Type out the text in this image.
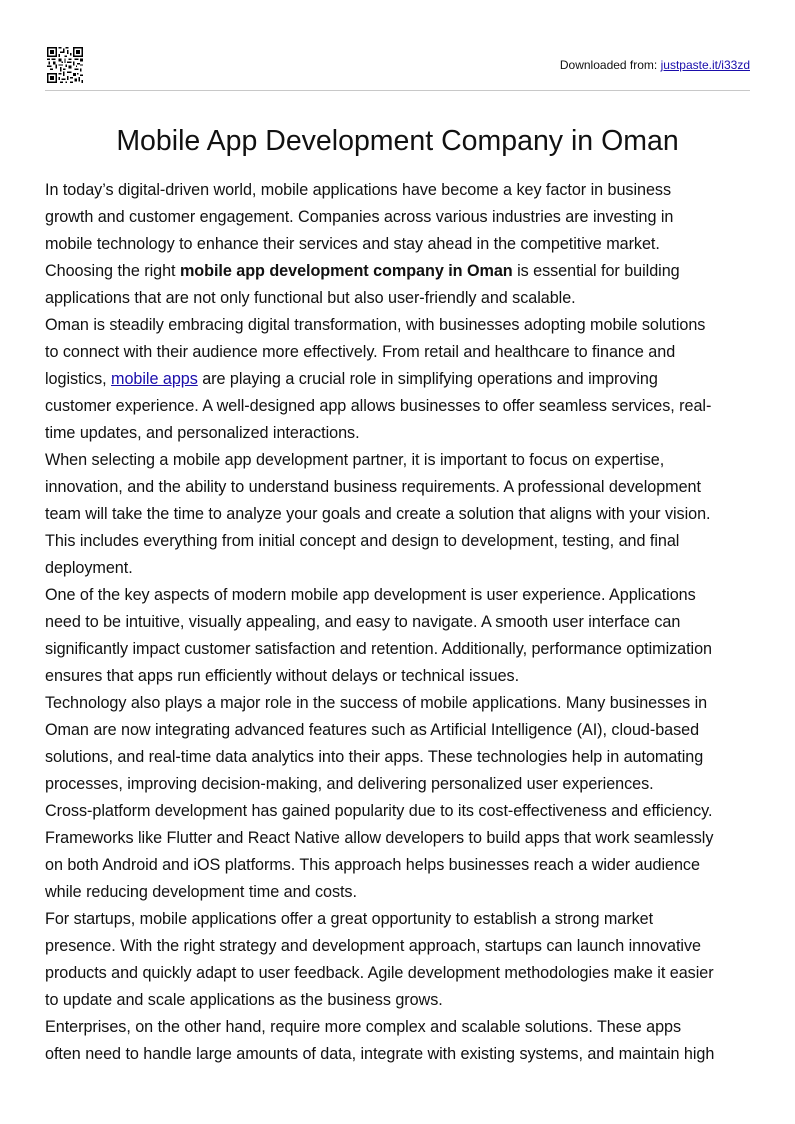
Downloaded from: justpaste.it/i33zd
Mobile App Development Company in Oman

In today’s digital-driven world, mobile applications have become a key factor in business

growth and customer engagement. Companies across various industries are investing in

mobile technology to enhance their services and stay ahead in the competitive market.

Choosing the right mobile app development company in Oman is essential for building

applications that are not only functional but also user-friendly and scalable.

Oman is steadily embracing digital transformation, with businesses adopting mobile solutions

to connect with their audience more effectively. From retail and healthcare to finance and

logistics, mobile apps are playing a crucial role in simplifying operations and improving

customer experience. A well-designed app allows businesses to offer seamless services, real-

time updates, and personalized interactions.

When selecting a mobile app development partner, it is important to focus on expertise,

innovation, and the ability to understand business requirements. A professional development

team will take the time to analyze your goals and create a solution that aligns with your vision.

This includes everything from initial concept and design to development, testing, and final

deployment.

One of the key aspects of modern mobile app development is user experience. Applications

need to be intuitive, visually appealing, and easy to navigate. A smooth user interface can

significantly impact customer satisfaction and retention. Additionally, performance optimization

ensures that apps run efficiently without delays or technical issues.

Technology also plays a major role in the success of mobile applications. Many businesses in

Oman are now integrating advanced features such as Artificial Intelligence (AI), cloud-based

solutions, and real-time data analytics into their apps. These technologies help in automating

processes, improving decision-making, and delivering personalized user experiences.

Cross-platform development has gained popularity due to its cost-effectiveness and efficiency.

Frameworks like Flutter and React Native allow developers to build apps that work seamlessly

on both Android and iOS platforms. This approach helps businesses reach a wider audience

while reducing development time and costs.

For startups, mobile applications offer a great opportunity to establish a strong market

presence. With the right strategy and development approach, startups can launch innovative

products and quickly adapt to user feedback. Agile development methodologies make it easier

to update and scale applications as the business grows.

Enterprises, on the other hand, require more complex and scalable solutions. These apps

often need to handle large amounts of data, integrate with existing systems, and maintain high
